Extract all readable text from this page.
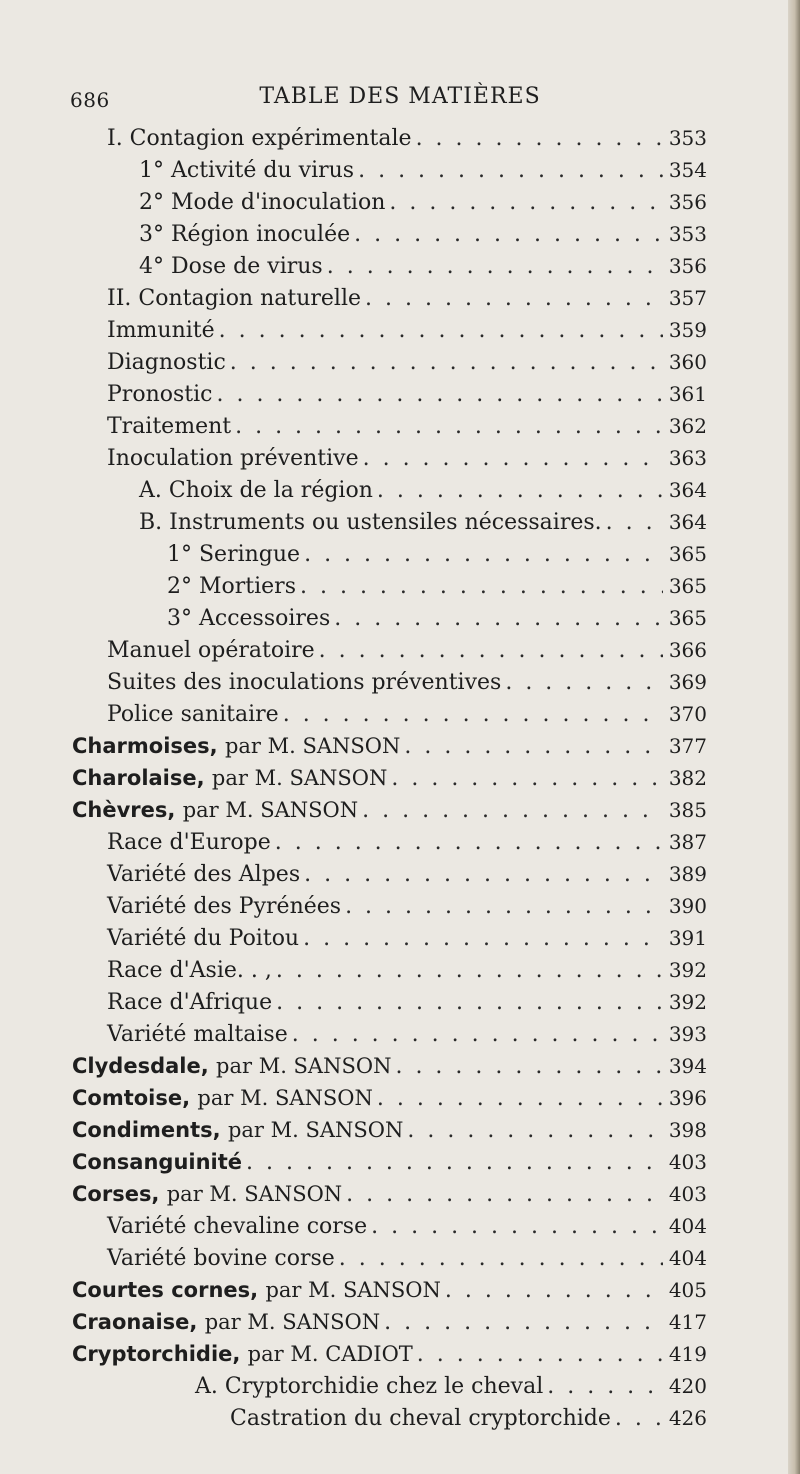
686	TABLE DES MATIÈRES
I. Contagion expérimentale . . .	353
1° Activité du virus . . .	354
2° Mode d'inoculation . . .	356
3° Région inoculée . . .	353
4° Dose de virus . . .	356
II. Contagion naturelle . . .	357
Immunité . . .	359
Diagnostic . . .	360
Pronostic . . .	361
Traitement . . .	362
Inoculation préventive . . .	363
A. Choix de la région . . .	364
B. Instruments ou ustensiles nécessaires. . . .	364
1° Seringue . . .	365
2° Mortiers . . .	365
3° Accessoires . . .	365
Manuel opératoire . . .	366
Suites des inoculations préventives . . .	369
Police sanitaire . . .	370
Charmoises, par M. SANSON . . .	377
Charolaise, par M. SANSON . . .	382
Chèvres, par M. SANSON . . .	385
Race d'Europe . . .	387
Variété des Alpes . . .	389
Variété des Pyrénées . . .	390
Variété du Poitou . . .	391
Race d'Asie. . , . . .	392
Race d'Afrique . . .	392
Variété maltaise . . .	393
Clydesdale, par M. SANSON . . .	394
Comtoise, par M. SANSON . . .	396
Condiments, par M. SANSON . . .	398
Consanguinité . . .	403
Corses, par M. SANSON . . .	403
Variété chevaline corse . . .	404
Variété bovine corse . . .	404
Courtes cornes, par M. SANSON . . .	405
Craonaise, par M. SANSON . . .	417
Cryptorchidie, par M. CADIOT . . .	419
A. Cryptorchidie chez le cheval . . .	420
Castration du cheval cryptorchide . . .	426
